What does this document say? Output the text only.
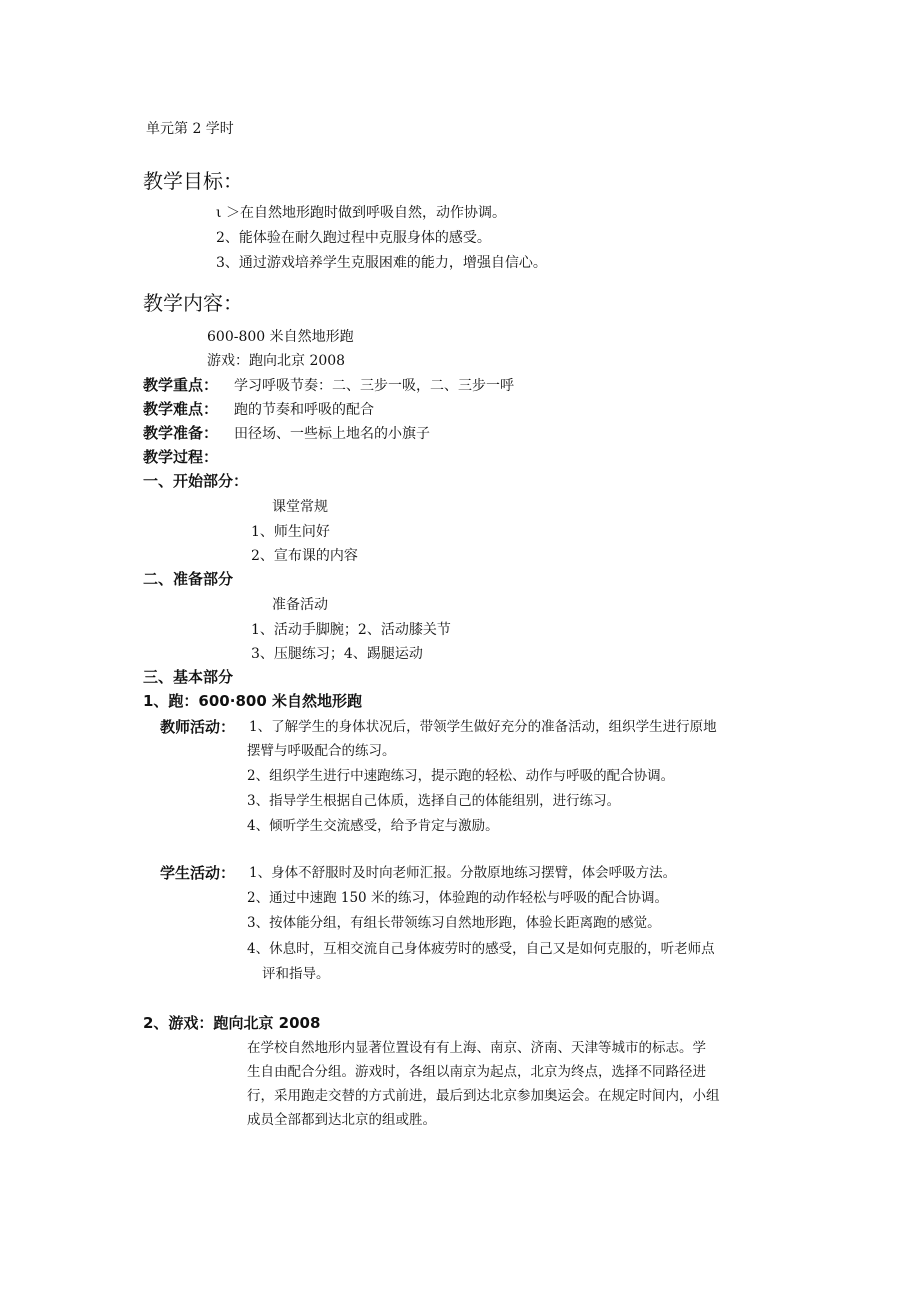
单元第 2 学时
教学目标：
ι ＞在自然地形跑时做到呼吸自然，动作协调。
2、能体验在耐久跑过程中克服身体的感受。
3、通过游戏培养学生克服困难的能力，增强自信心。
教学内容：
600-800 米自然地形跑
游戏：跑向北京 2008
教学重点： 学习呼吸节奏：二、三步一吸，二、三步一呼
教学难点： 跑的节奏和呼吸的配合
教学准备： 田径场、一些标上地名的小旗子
教学过程：
一、开始部分：
课堂常规
1、师生问好
2、宣布课的内容
二、准备部分
准备活动
1、活动手脚腕；2、活动膝关节
3、压腿练习；4、踢腿运动
三、基本部分
1、跑：600·800 米自然地形跑
教师活动： 1、了解学生的身体状况后，带领学生做好充分的准备活动，组织学生进行原地
摆臂与呼吸配合的练习。
2、组织学生进行中速跑练习，提示跑的轻松、动作与呼吸的配合协调。
3、指导学生根据自己体质，选择自己的体能组别，进行练习。
4、倾听学生交流感受，给予肯定与激励。
学生活动： 1、身体不舒服时及时向老师汇报。分散原地练习摆臂，体会呼吸方法。
2、通过中速跑 150 米的练习，体验跑的动作轻松与呼吸的配合协调。
3、按体能分组，有组长带领练习自然地形跑，体验长距离跑的感觉。
4、休息时，互相交流自己身体疲劳时的感受，自己又是如何克服的，听老师点
评和指导。
2、游戏：跑向北京 2008
在学校自然地形内显著位置设有有上海、南京、济南、天津等城市的标志。学
生自由配合分组。游戏时，各组以南京为起点，北京为终点，选择不同路径进
行，采用跑走交替的方式前进，最后到达北京参加奥运会。在规定时间内，小组
成员全部都到达北京的组或胜。
